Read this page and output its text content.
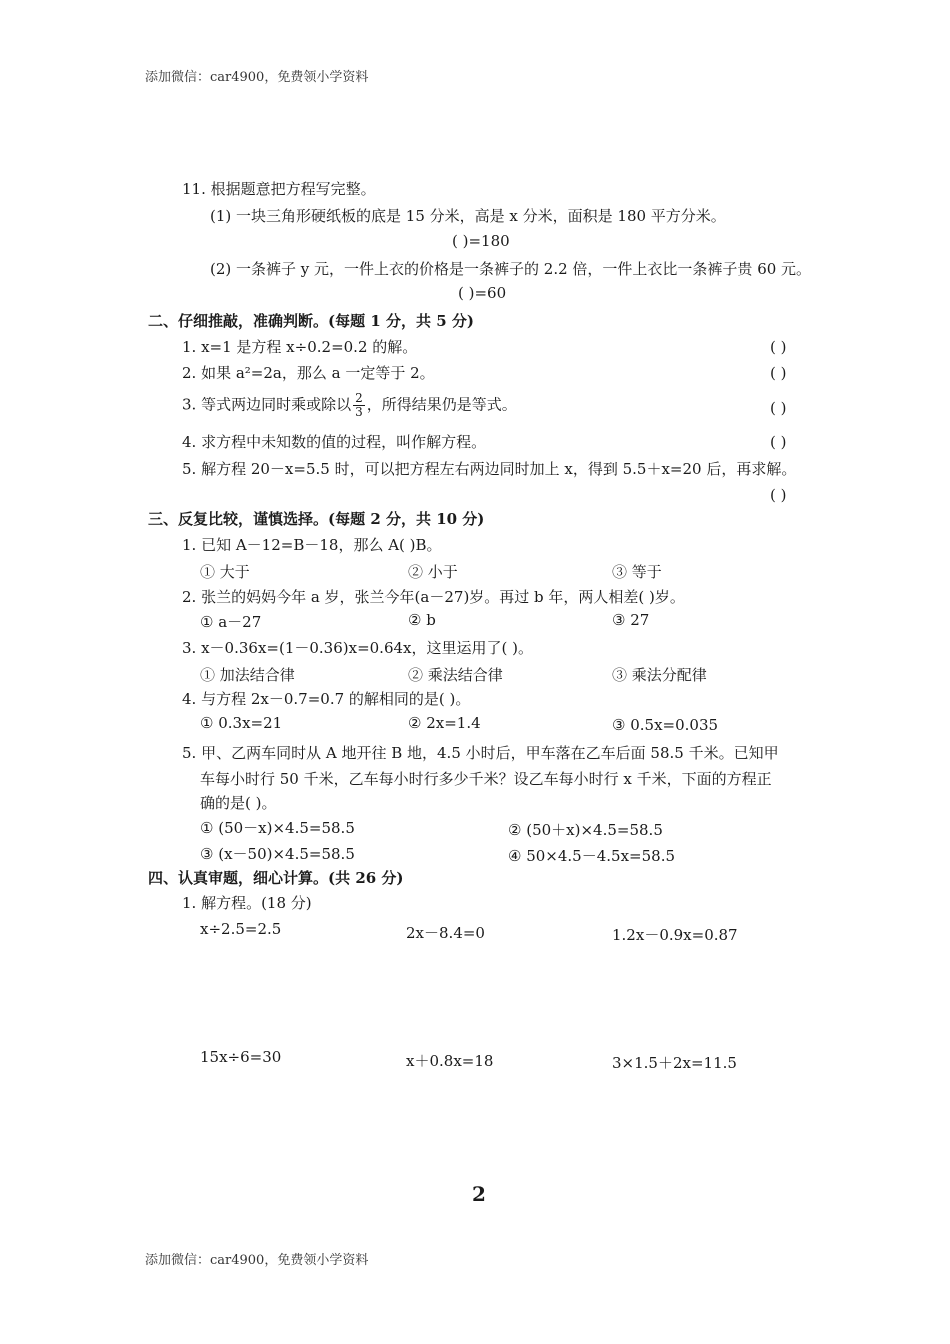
添加微信：car4900，免费领小学资料
11. 根据题意把方程写完整。
(1) 一块三角形硬纸板的底是 15 分米，高是 x 分米，面积是 180 平方分米。
( )=180
(2) 一条裤子 y 元，一件上衣的价格是一条裤子的 2.2 倍，一件上衣比一条裤子贵 60 元。
( )=60
二、仔细推敲，准确判断。(每题 1 分，共 5 分)
1. x=1 是方程 x÷0.2=0.2 的解。	( )
2. 如果 a²=2a，那么 a 一定等于 2。	( )
3. 等式两边同时乘或除以 $\frac{2}{3}$ ，所得结果仍是等式。	( )
4. 求方程中未知数的值的过程，叫作解方程。	( )
5. 解方程 20－x=5.5 时，可以把方程左右两边同时加上 x，得到 5.5＋x=20 后，再求解。
( )
三、反复比较，谨慎选择。(每题 2 分，共 10 分)
1. 已知 A－12=B－18，那么 A( )B。
① 大于	② 小于	③ 等于
2. 张兰的妈妈今年 a 岁，张兰今年(a－27)岁。再过 b 年，两人相差( )岁。
① a－27	② b	③ 27
3. x－0.36x=(1－0.36)x=0.64x，这里运用了( )。
① 加法结合律	② 乘法结合律	③ 乘法分配律
4. 与方程 2x－0.7=0.7 的解相同的是( )。
① 0.3x=21	② 2x=1.4	③ 0.5x=0.035
5. 甲、乙两车同时从 A 地开往 B 地，4.5 小时后，甲车落在乙车后面 58.5 千米。已知甲
车每小时行 50 千米，乙车每小时行多少千米？设乙车每小时行 x 千米，下面的方程正
确的是( )。
① (50－x)×4.5=58.5	② (50＋x)×4.5=58.5
③ (x－50)×4.5=58.5	④ 50×4.5－4.5x=58.5
四、认真审题，细心计算。(共 26 分)
1. 解方程。(18 分)
x÷2.5=2.5	2x－8.4=0	1.2x－0.9x=0.87
15x÷6=30	x＋0.8x=18	3×1.5＋2x=11.5
2
添加微信：car4900，免费领小学资料
